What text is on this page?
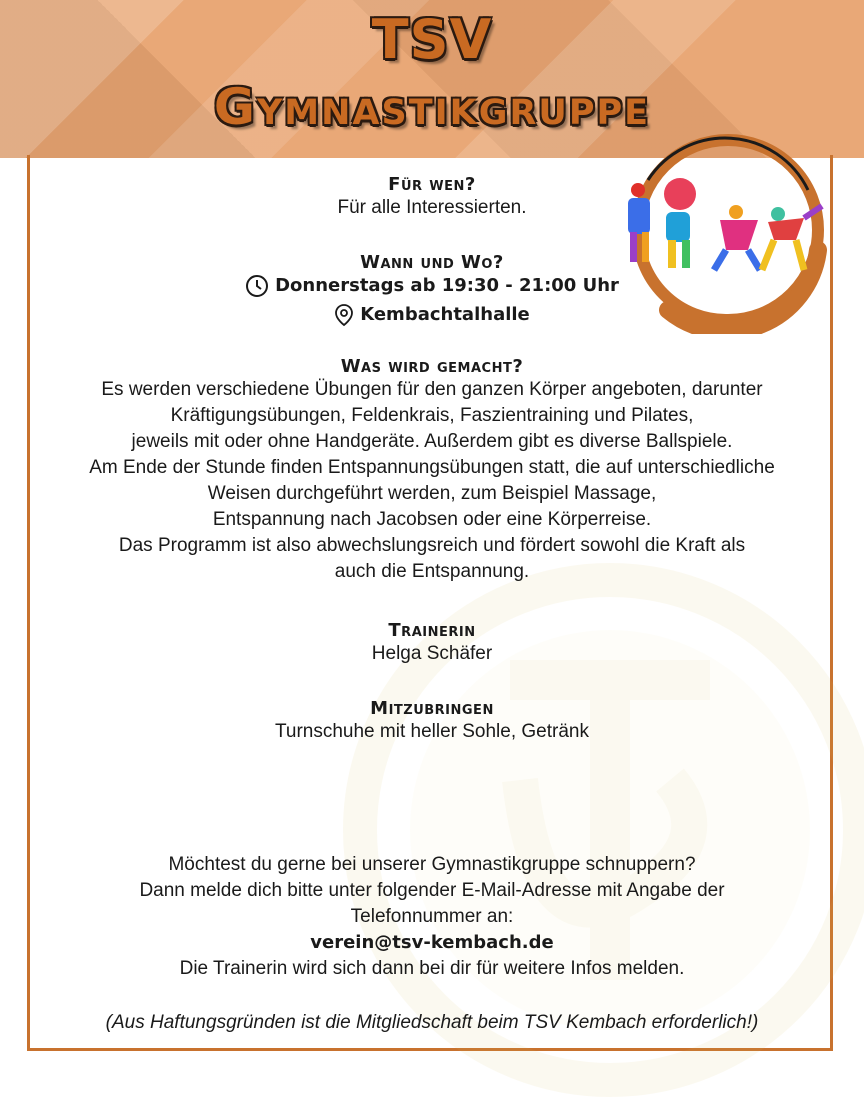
TSV
Gymnastikgruppe

Für wen?

Für alle Interessierten.

Wann und Wo?

Donnerstags ab 19:30 - 21:00 Uhr

Kembachtalhalle

Was wird gemacht?

Es werden verschiedene Übungen für den ganzen Körper angeboten, darunter

Kräftigungsübungen, Feldenkrais, Faszientraining und Pilates,

jeweils mit oder ohne Handgeräte. Außerdem gibt es diverse Ballspiele.

Am Ende der Stunde finden Entspannungsübungen statt, die auf unterschiedliche

Weisen durchgeführt werden, zum Beispiel Massage,

Entspannung nach Jacobsen oder eine Körperreise.

Das Programm ist also abwechslungsreich und fördert sowohl die Kraft als

auch die Entspannung.

Trainerin

Helga Schäfer

Mitzubringen

Turnschuhe mit heller Sohle, Getränk

Möchtest du gerne bei unserer Gymnastikgruppe schnuppern?

Dann melde dich bitte unter folgender E-Mail-Adresse mit Angabe der

Telefonnummer an:

verein@tsv-kembach.de

Die Trainerin wird sich dann bei dir für weitere Infos melden.

(Aus Haftungsgründen ist die Mitgliedschaft beim TSV Kembach erforderlich!)
